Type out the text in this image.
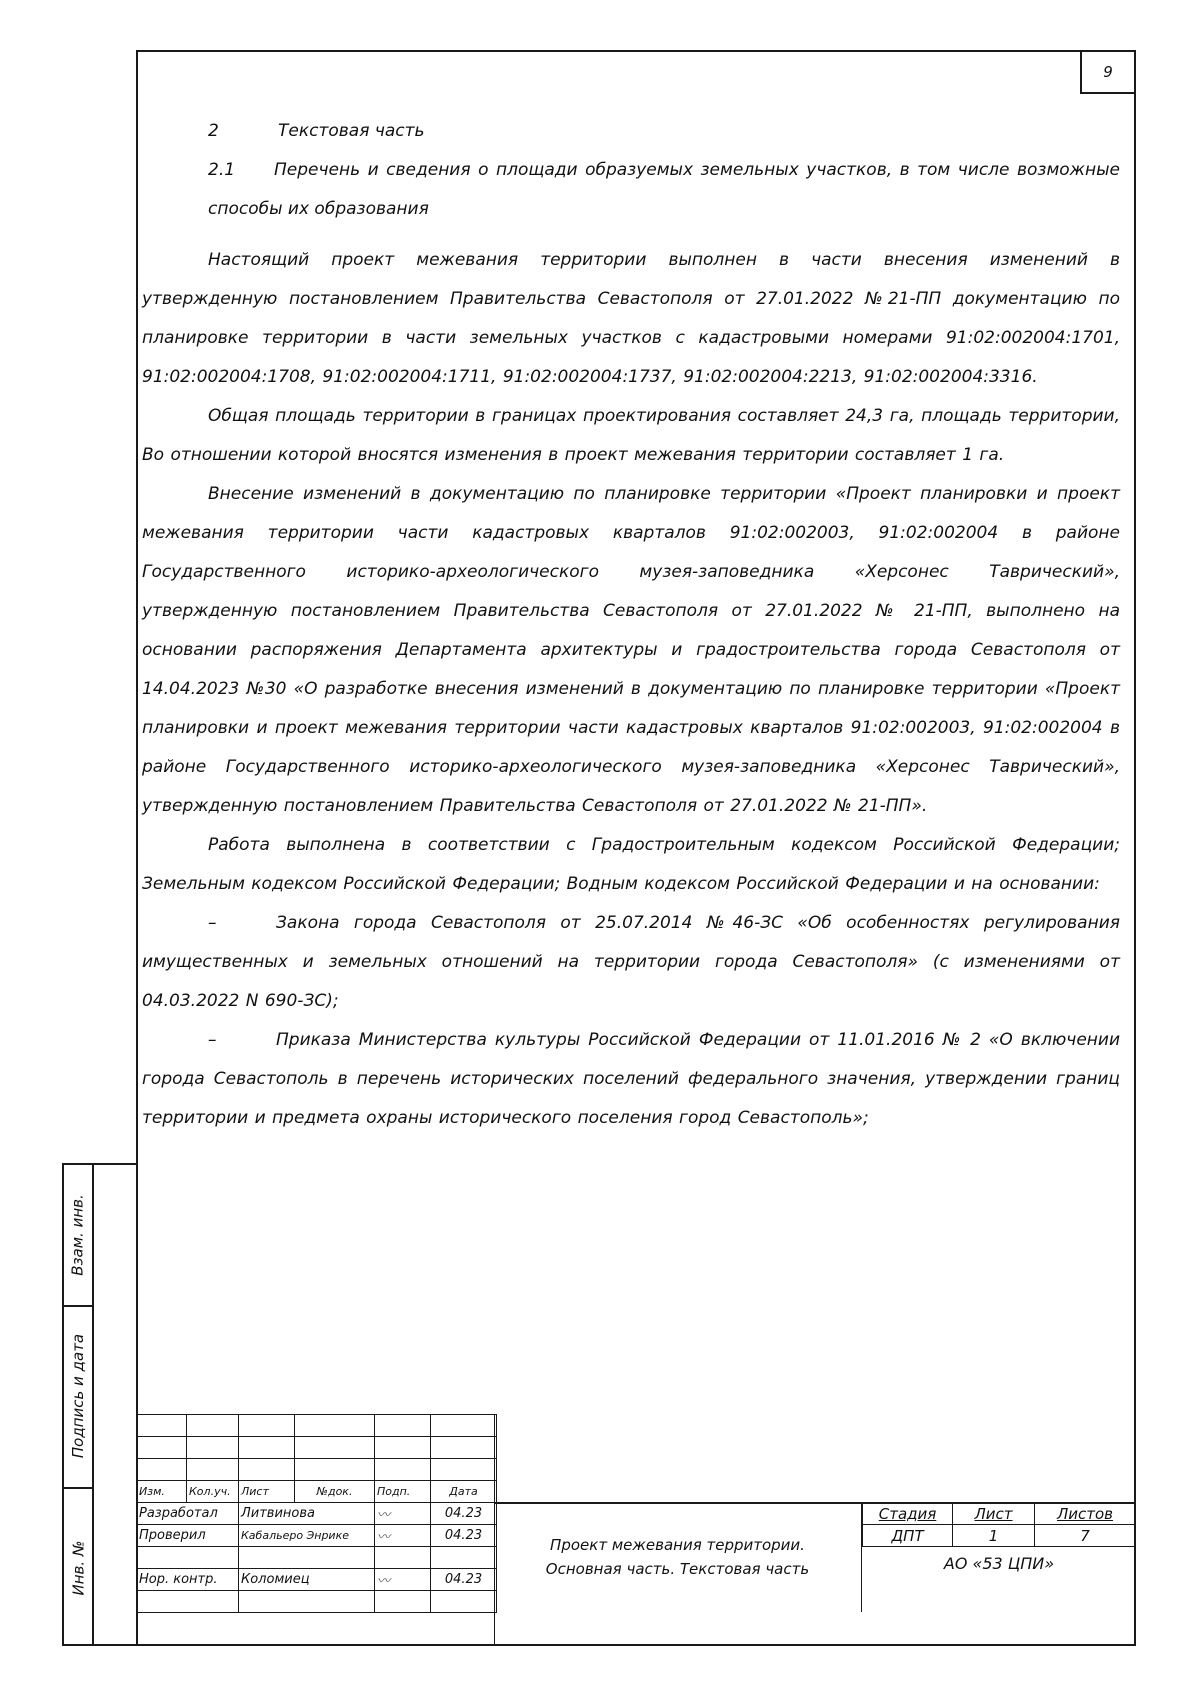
9

2	Текстовая часть

2.1 Перечень и сведения о площади образуемых земельных участков, в том числе возможные способы их образования

Настоящий проект межевания территории выполнен в части внесения изменений в утвержденную постановлением Правительства Севастополя от 27.01.2022 №21-ПП документацию по планировке территории в части земельных участков с кадастровыми номерами 91:02:002004:1701, 91:02:002004:1708, 91:02:002004:1711, 91:02:002004:1737, 91:02:002004:2213, 91:02:002004:3316.

Общая площадь территории в границах проектирования составляет 24,3 га, площадь территории, Во отношении которой вносятся изменения в проект межевания территории составляет 1 га.

Внесение изменений в документацию по планировке территории «Проект планировки и проект межевания территории части кадастровых кварталов 91:02:002003, 91:02:002004 в районе Государственного историко-археологического музея-заповедника «Херсонес Таврический», утвержденную постановлением Правительства Севастополя от 27.01.2022 № 21-ПП, выполнено на основании распоряжения Департамента архитектуры и градостроительства города Севастополя от 14.04.2023 №30 «О разработке внесения изменений в документацию по планировке территории «Проект планировки и проект межевания территории части кадастровых кварталов 91:02:002003, 91:02:002004 в районе Государственного историко-археологического музея-заповедника «Херсонес Таврический», утвержденную постановлением Правительства Севастополя от 27.01.2022 № 21-ПП».

Работа выполнена в соответствии с Градостроительным кодексом Российской Федерации; Земельным кодексом Российской Федерации; Водным кодексом Российской Федерации и на основании:

–	Закона города Севастополя от 25.07.2014 №46-ЗС «Об особенностях регулирования имущественных и земельных отношений на территории города Севастополя» (с изменениями от 04.03.2022 N 690-ЗС);

–	Приказа Министерства культуры Российской Федерации от 11.01.2016 № 2 «О включении города Севастополь в перечень исторических поселений федерального значения, утверждении границ территории и предмета охраны исторического поселения город Севастополь»;

Взам. инв.
Подпись и дата
Инв. №

Изм.	Кол.уч.	Лист	№док.	Подп.	Дата
Разработал		Литвинова		〰	04.23
Проверил		Кабальеро Энрике		〰	04.23

Нор. контр.		Коломиец		〰	04.23

Проект межевания территории.
Основная часть. Текстовая часть
Стадия	Лист	Листов
ДПТ	1	7
АО «53 ЦПИ»
